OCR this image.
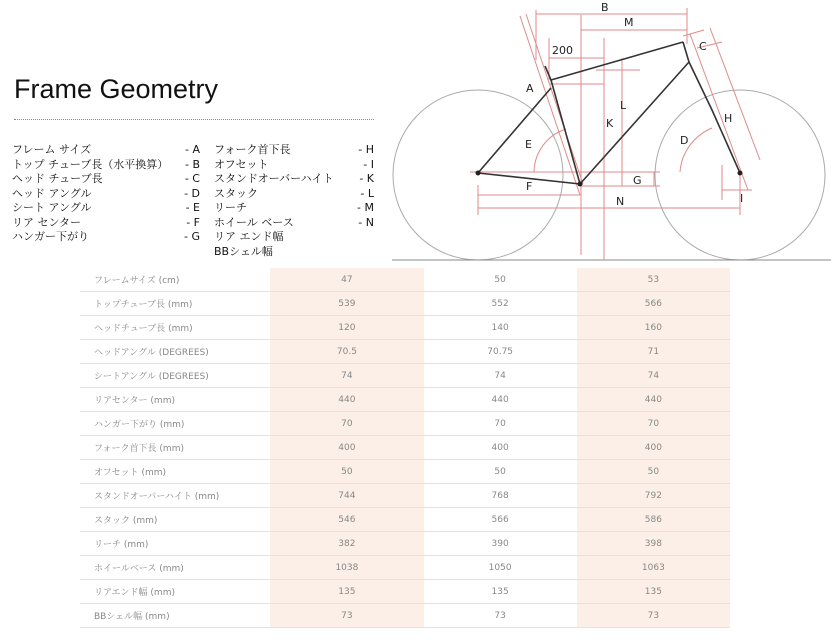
Frame Geometry
フレーム サイズ	- A
トップ チューブ長（水平換算） - B
ヘッド チューブ長	- C
ヘッド アングル	- D
シート アングル	- E
リア センター	- F
ハンガー下がり	- G
フォーク首下長	- H
オフセット	- I
スタンドオーバーハイト - K
スタック	- L
リーチ	- M
ホイール ベース	- N
リア エンド幅
BBシェル幅
B
M
200	C
A
L
K	H
E	D
G
F
I
N
フレームサイズ (cm)	47	50	53
トップチューブ長 (mm)	539	552	566
ヘッドチューブ長 (mm)	120	140	160
ヘッドアングル (DEGREES)	70.5	70.75	71
シートアングル (DEGREES)	74	74	74
リアセンター (mm)	440	440	440
ハンガー下がり (mm)	70	70	70
フォーク首下長 (mm)	400	400	400
オフセット (mm)	50	50	50
スタンドオーバーハイト (mm)	744	768	792
スタック (mm)	546	566	586
リーチ (mm)	382	390	398
ホイールベース (mm)	1038	1050	1063
リアエンド幅 (mm)	135	135	135
BBシェル幅 (mm)	73	73	73
